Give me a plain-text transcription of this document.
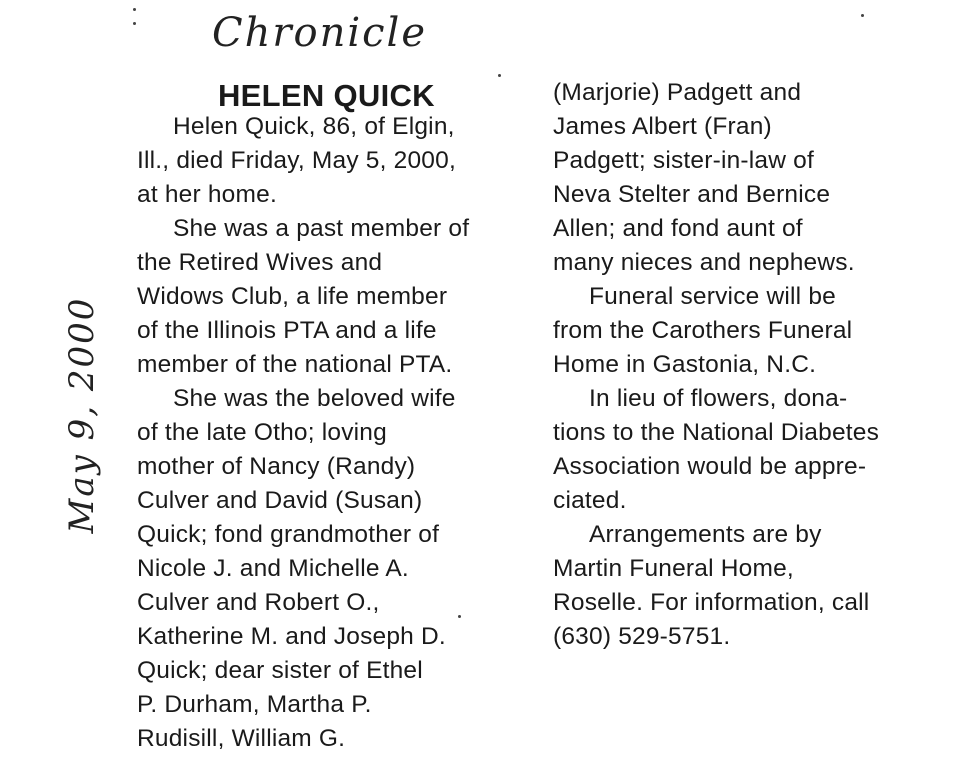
Chronicle
May 9, 2000
HELEN QUICK
Helen Quick, 86, of Elgin,
Ill., died Friday, May 5, 2000,
at her home.
She was a past member of
the Retired Wives and
Widows Club, a life member
of the Illinois PTA and a life
member of the national PTA.
She was the beloved wife
of the late Otho; loving
mother of Nancy (Randy)
Culver and David (Susan)
Quick; fond grandmother of
Nicole J. and Michelle A.
Culver and Robert O.,
Katherine M. and Joseph D.
Quick; dear sister of Ethel
P. Durham, Martha P.
Rudisill, William G.
(Marjorie) Padgett and
James Albert (Fran)
Padgett; sister-in-law of
Neva Stelter and Bernice
Allen; and fond aunt of
many nieces and nephews.
Funeral service will be
from the Carothers Funeral
Home in Gastonia, N.C.
In lieu of flowers, dona-
tions to the National Diabetes
Association would be appre-
ciated.
Arrangements are by
Martin Funeral Home,
Roselle. For information, call
(630) 529-5751.
